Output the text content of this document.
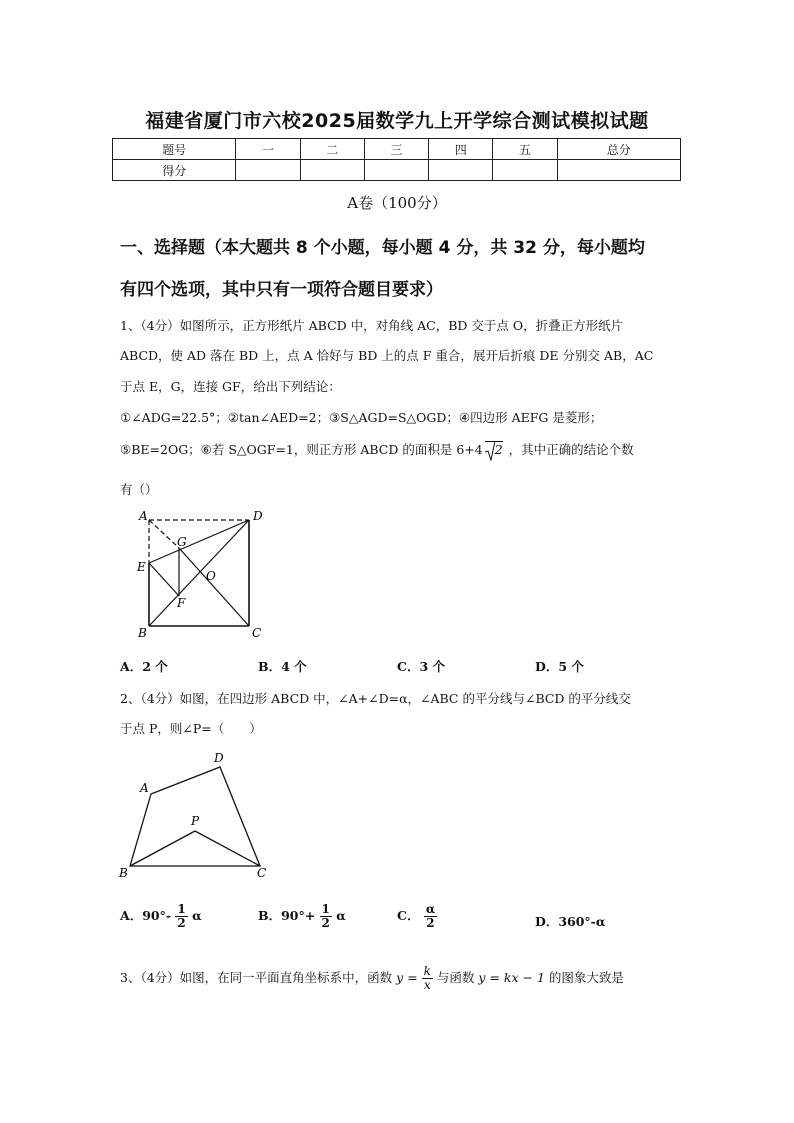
福建省厦门市六校2025届数学九上开学综合测试模拟试题
题号	一	二	三	四	五	总分
得分						
A卷（100分）
一、选择题（本大题共 8 个小题，每小题 4 分，共 32 分，每小题均
有四个选项，其中只有一项符合题目要求）
1、（4分）如图所示，正方形纸片 ABCD 中，对角线 AC，BD 交于点 O，折叠正方形纸片
ABCD，使 AD 落在 BD 上，点 A 恰好与 BD 上的点 F 重合，展开后折痕 DE 分别交 AB，AC
于点 E，G，连接 GF，给出下列结论：
①∠ADG=22.5°；②tan∠AED=2；③S△AGD=S△OGD；④四边形 AEFG 是菱形；
⑤BE=2OG；⑥若 S△OGF=1，则正方形 ABCD 的面积是 6+4 2 ，其中正确的结论个数
有（）
A	D
G
E
O
F
B	C
A．2 个	B．4 个	C．3 个	D．5 个
2、（4分）如图，在四边形 ABCD 中，∠A+∠D=α，∠ABC 的平分线与∠BCD 的平分线交
于点 P，则∠P=（　　）
A
D
P
B	C
A．$90^\circ- \frac{1}{2}$ α	B．$90^\circ+ \frac{1}{2}$ α	C． $\frac{\alpha}{2}$	D．360°-α
3、（4分）如图，在同一平面直角坐标系中，函数 $y = \frac{k}{x}$ 与函数 y = kx − 1 的图象大致是
